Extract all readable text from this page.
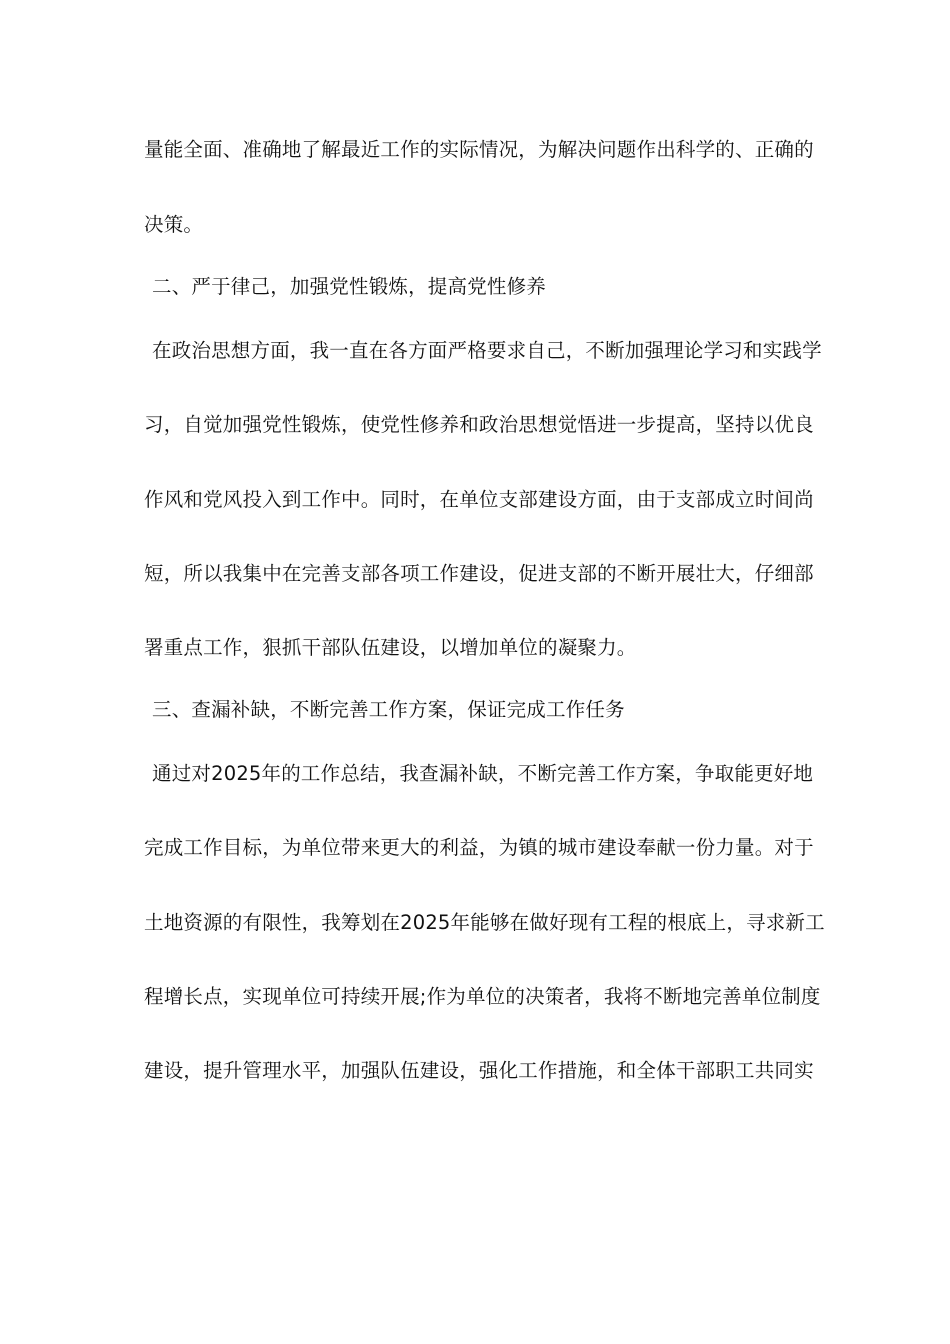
量能全面、准确地了解最近工作的实际情况，为解决问题作出科学的、正确的
决策。
二、严于律己，加强党性锻炼，提高党性修养
在政治思想方面，我一直在各方面严格要求自己，不断加强理论学习和实践学
习，自觉加强党性锻炼，使党性修养和政治思想觉悟进一步提高，坚持以优良
作风和党风投入到工作中。同时，在单位支部建设方面，由于支部成立时间尚
短，所以我集中在完善支部各项工作建设，促进支部的不断开展壮大，仔细部
署重点工作，狠抓干部队伍建设，以增加单位的凝聚力。
三、查漏补缺，不断完善工作方案，保证完成工作任务
通过对2025年的工作总结，我查漏补缺，不断完善工作方案，争取能更好地
完成工作目标，为单位带来更大的利益，为镇的城市建设奉献一份力量。对于
土地资源的有限性，我筹划在2025年能够在做好现有工程的根底上，寻求新工
程增长点，实现单位可持续开展;作为单位的决策者，我将不断地完善单位制度
建设，提升管理水平，加强队伍建设，强化工作措施，和全体干部职工共同实
